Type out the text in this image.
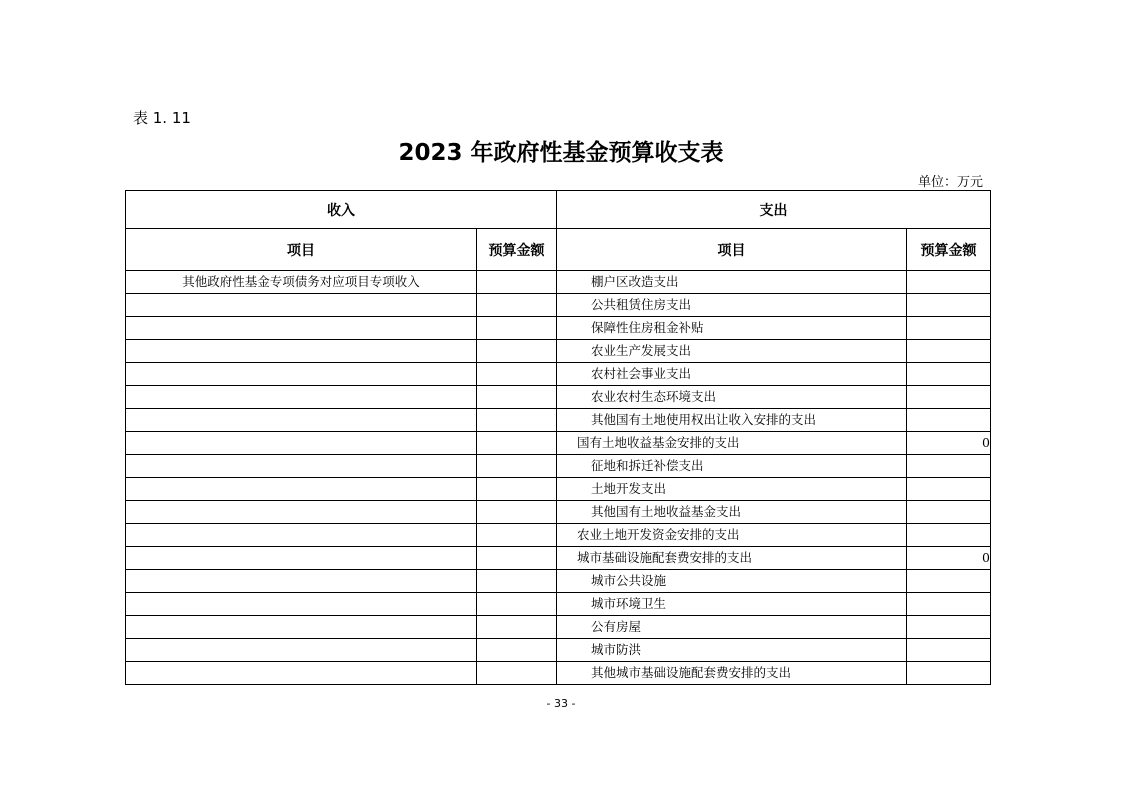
表 1. 11
2023 年政府性基金预算收支表
单位：万元
收入		支出	
项目	预算金额	项目	预算金额
其他政府性基金专项债务对应项目专项收入		棚户区改造支出	
		公共租赁住房支出	
		保障性住房租金补贴	
		农业生产发展支出	
		农村社会事业支出	
		农业农村生态环境支出	
		其他国有土地使用权出让收入安排的支出	
		国有土地收益基金安排的支出	0
		征地和拆迁补偿支出	
		土地开发支出	
		其他国有土地收益基金支出	
		农业土地开发资金安排的支出	
		城市基础设施配套费安排的支出	0
		城市公共设施	
		城市环境卫生	
		公有房屋	
		城市防洪	
		其他城市基础设施配套费安排的支出	
- 33 -
